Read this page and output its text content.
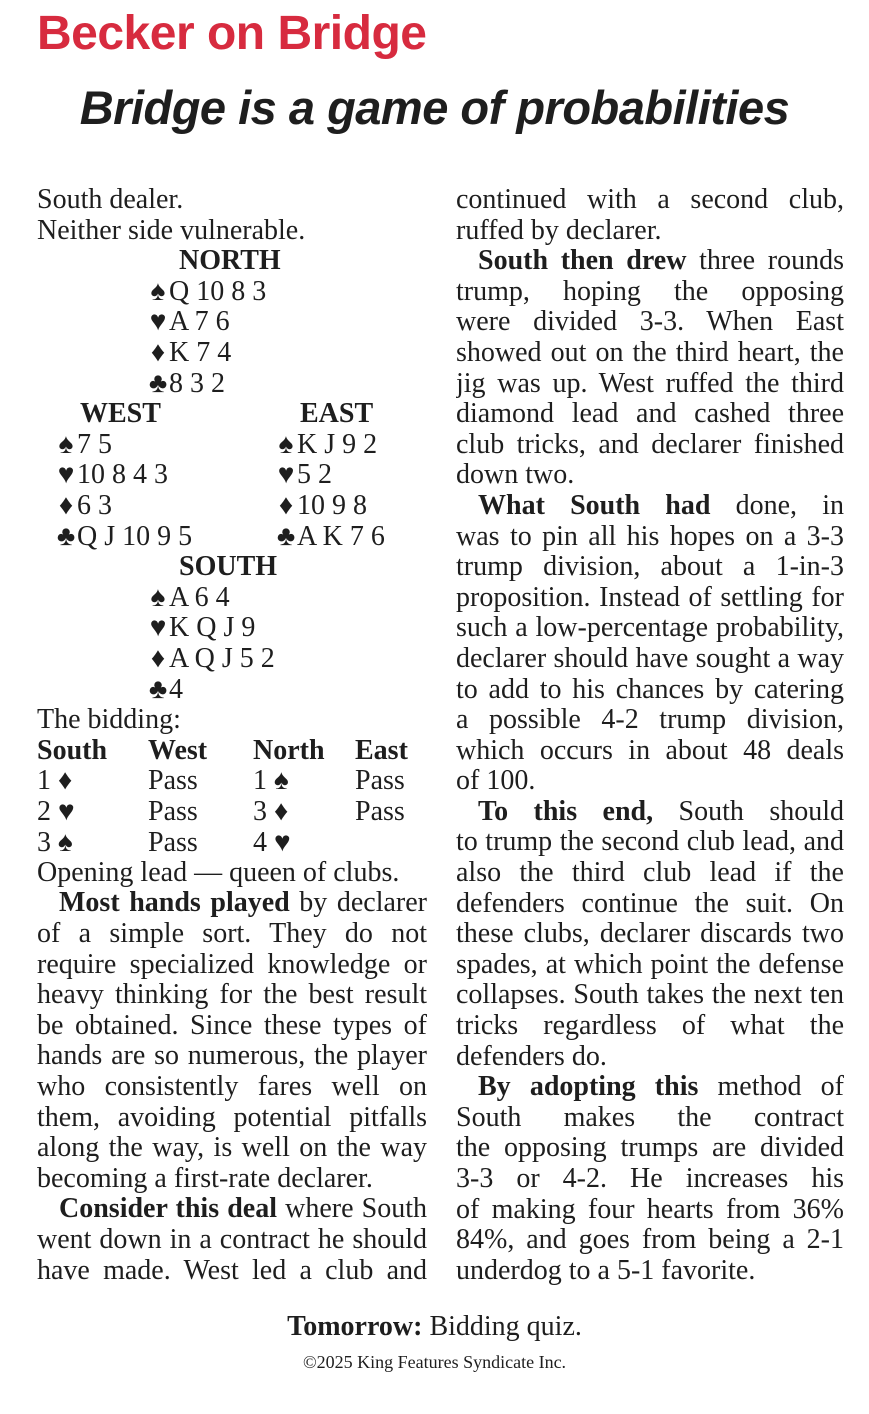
Becker on Bridge
Bridge is a game of probabilities
South dealer.
Neither side vulnerable.
NORTH
♠ Q 10 8 3
♥A 7 6
♦ K 7 4
♣8 3 2
WEST
♠ 7 5
♥10 8 4 3
♦ 6 3
♣Q J 10 9 5
EAST
♠ K J 9 2
♥5 2
♦ 10 9 8
♣A K 7 6
SOUTH
♠ A 6 4
♥K Q J 9
♦ A Q J 5 2
♣4
The bidding:
South
1 ♦
2 ♥
3 ♠
West
Pass
Pass
Pass
North
1 ♠
3 ♦
4 ♥
East
Pass
Pass
Opening lead — queen of clubs.
Most hands played by declarer
of a simple sort. They do not
require specialized knowledge or
heavy thinking for the best result
be obtained. Since these types of
hands are so numerous, the player
who consistently fares well on
them, avoiding potential pitfalls
along the way, is well on the way
becoming a first-rate declarer.
Consider this deal where South
went down in a contract he should
have made. West led a club and
continued with a second club,
ruffed by declarer.
South then drew three rounds
trump, hoping the opposing
were divided 3-3. When East
showed out on the third heart, the
jig was up. West ruffed the third
diamond lead and cashed three
club tricks, and declarer finished
down two.
What South had done, in
was to pin all his hopes on a 3-3
trump division, about a 1-in-3
proposition. Instead of settling for
such a low-percentage probability,
declarer should have sought a way
to add to his chances by catering
a possible 4-2 trump division,
which occurs in about 48 deals
of 100.
To this end, South should
to trump the second club lead, and
also the third club lead if the
defenders continue the suit. On
these clubs, declarer discards two
spades, at which point the defense
collapses. South takes the next ten
tricks regardless of what the
defenders do.
By adopting this method of
South makes the contract
the opposing trumps are divided
3-3 or 4-2. He increases his
of making four hearts from 36%
84%, and goes from being a 2-1
underdog to a 5-1 favorite.
Tomorrow: Bidding quiz.
©2025 King Features Syndicate Inc.
